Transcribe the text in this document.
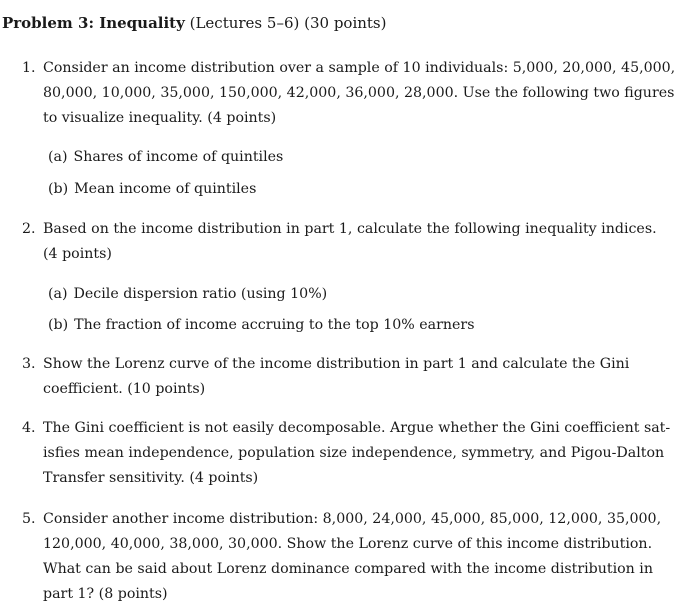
Problem 3: Inequality (Lectures 5–6) (30 points)
1. Consider an income distribution over a sample of 10 individuals: 5,000, 20,000, 45,000,
80,000, 10,000, 35,000, 150,000, 42,000, 36,000, 28,000. Use the following two figures
to visualize inequality. (4 points)
(a) Shares of income of quintiles
(b) Mean income of quintiles
2. Based on the income distribution in part 1, calculate the following inequality indices.
(4 points)
(a) Decile dispersion ratio (using 10%)
(b) The fraction of income accruing to the top 10% earners
3. Show the Lorenz curve of the income distribution in part 1 and calculate the Gini
coefficient. (10 points)
4. The Gini coefficient is not easily decomposable. Argue whether the Gini coefficient sat-
isfies mean independence, population size independence, symmetry, and Pigou-Dalton
Transfer sensitivity. (4 points)
5. Consider another income distribution: 8,000, 24,000, 45,000, 85,000, 12,000, 35,000,
120,000, 40,000, 38,000, 30,000. Show the Lorenz curve of this income distribution.
What can be said about Lorenz dominance compared with the income distribution in
part 1? (8 points)
